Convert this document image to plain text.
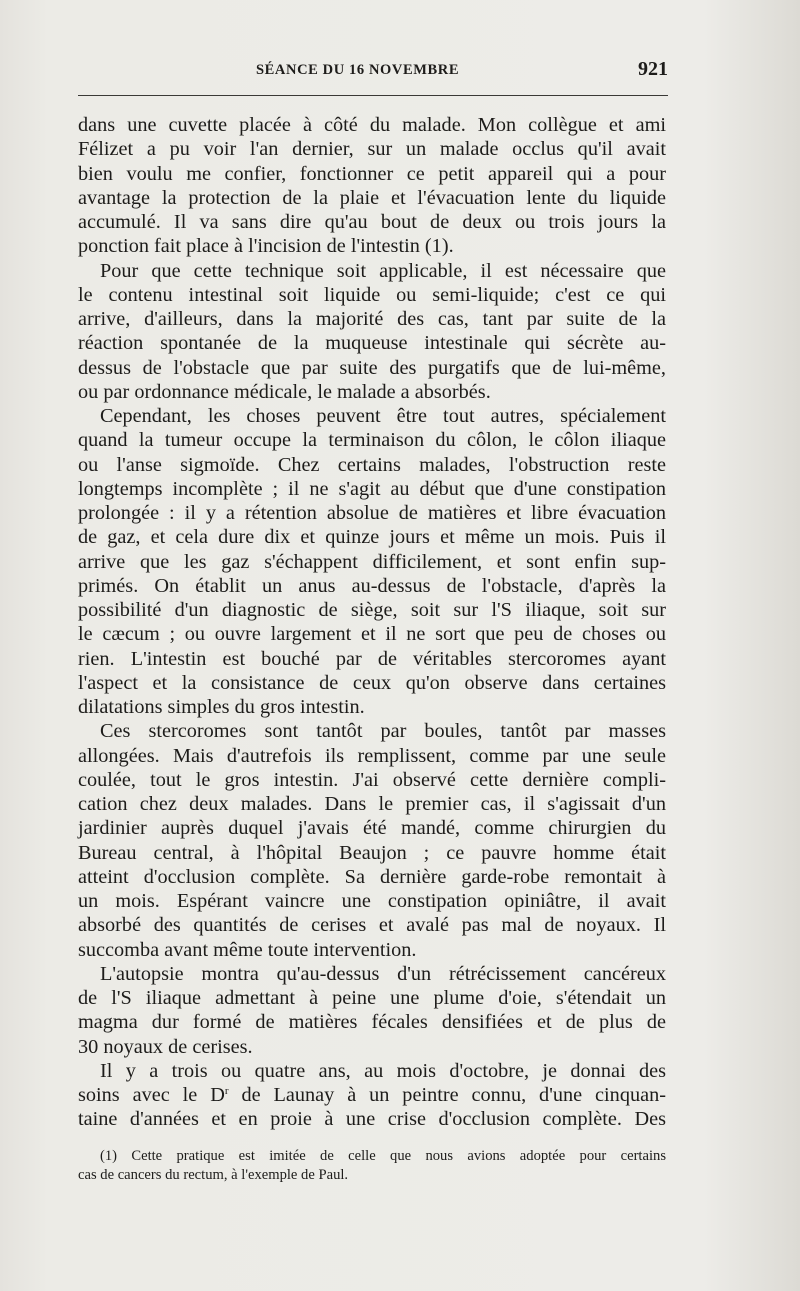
SÉANCE DU 16 NOVEMBRE	921
dans une cuvette placée à côté du malade. Mon collègue et ami
Félizet a pu voir l'an dernier, sur un malade occlus qu'il avait
bien voulu me confier, fonctionner ce petit appareil qui a pour
avantage la protection de la plaie et l'évacuation lente du liquide
accumulé. Il va sans dire qu'au bout de deux ou trois jours la
ponction fait place à l'incision de l'intestin (1).
Pour que cette technique soit applicable, il est nécessaire que
le contenu intestinal soit liquide ou semi-liquide; c'est ce qui
arrive, d'ailleurs, dans la majorité des cas, tant par suite de la
réaction spontanée de la muqueuse intestinale qui sécrète au-
dessus de l'obstacle que par suite des purgatifs que de lui-même,
ou par ordonnance médicale, le malade a absorbés.
Cependant, les choses peuvent être tout autres, spécialement
quand la tumeur occupe la terminaison du côlon, le côlon iliaque
ou l'anse sigmoïde. Chez certains malades, l'obstruction reste
longtemps incomplète ; il ne s'agit au début que d'une constipation
prolongée : il y a rétention absolue de matières et libre évacuation
de gaz, et cela dure dix et quinze jours et même un mois. Puis il
arrive que les gaz s'échappent difficilement, et sont enfin sup-
primés. On établit un anus au-dessus de l'obstacle, d'après la
possibilité d'un diagnostic de siège, soit sur l'S iliaque, soit sur
le cæcum ; ou ouvre largement et il ne sort que peu de choses ou
rien. L'intestin est bouché par de véritables stercoromes ayant
l'aspect et la consistance de ceux qu'on observe dans certaines
dilatations simples du gros intestin.
Ces stercoromes sont tantôt par boules, tantôt par masses
allongées. Mais d'autrefois ils remplissent, comme par une seule
coulée, tout le gros intestin. J'ai observé cette dernière compli-
cation chez deux malades. Dans le premier cas, il s'agissait d'un
jardinier auprès duquel j'avais été mandé, comme chirurgien du
Bureau central, à l'hôpital Beaujon ; ce pauvre homme était
atteint d'occlusion complète. Sa dernière garde-robe remontait à
un mois. Espérant vaincre une constipation opiniâtre, il avait
absorbé des quantités de cerises et avalé pas mal de noyaux. Il
succomba avant même toute intervention.
L'autopsie montra qu'au-dessus d'un rétrécissement cancéreux
de l'S iliaque admettant à peine une plume d'oie, s'étendait un
magma dur formé de matières fécales densifiées et de plus de
30 noyaux de cerises.
Il y a trois ou quatre ans, au mois d'octobre, je donnai des
soins avec le $D^r$ de Launay à un peintre connu, d'une cinquan-
taine d'années et en proie à une crise d'occlusion complète. Des
(1) Cette pratique est imitée de celle que nous avions adoptée pour certains
cas de cancers du rectum, à l'exemple de Paul.
